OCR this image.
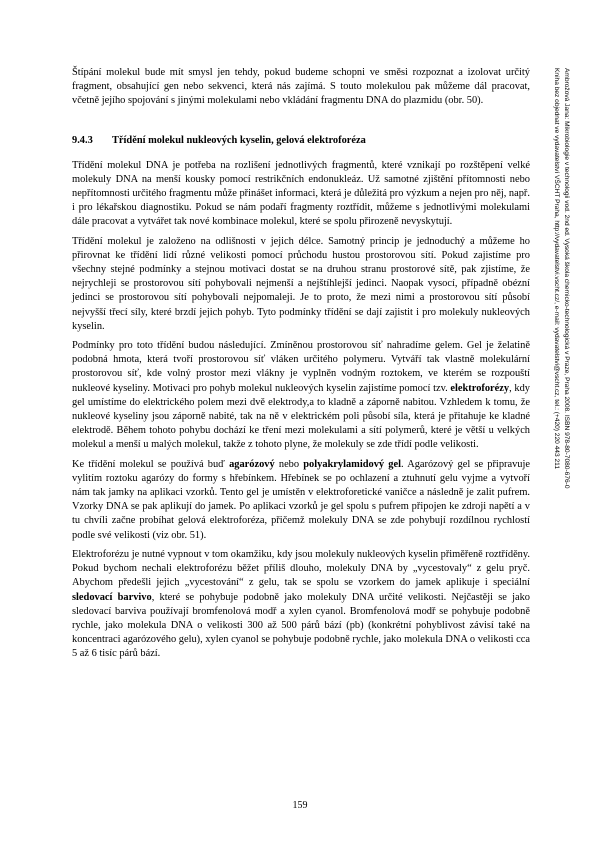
Štípání molekul bude mít smysl jen tehdy, pokud budeme schopni ve směsi rozpoznat a izolovat určitý fragment, obsahující gen nebo sekvenci, která nás zajímá. S touto molekulou pak můžeme dál pracovat, včetně jejího spojování s jinými molekulami nebo vkládání fragmentu DNA do plazmidu (obr. 50).

9.4.3 Třídění molekul nukleových kyselin, gelová elektroforéza

Třídění molekul DNA je potřeba na rozlišení jednotlivých fragmentů, které vznikají po rozštěpení velké molekuly DNA na menší kousky pomocí restrikčních endonukleáz. Už samotné zjištění přítomnosti nebo nepřítomnosti určitého fragmentu může přinášet informaci, která je důležitá pro výzkum a nejen pro něj, např. i pro lékařskou diagnostiku. Pokud se nám podaří fragmenty roztřídit, můžeme s jednotlivými molekulami dále pracovat a vytvářet tak nové kombinace molekul, které se spolu přirozeně nevyskytují.

Třídění molekul je založeno na odlišnosti v jejich délce. Samotný princip je jednoduchý a můžeme ho přirovnat ke třídění lidí různé velikosti pomocí průchodu hustou prostorovou sítí. Pokud zajistíme pro všechny stejné podmínky a stejnou motivaci dostat se na druhou stranu prostorové sítě, pak zjistíme, že nejrychleji se prostorovou sítí pohybovali nejmenší a nejštíhlejší jedinci. Naopak vysocí, případně obézní jedinci se prostorovou sítí pohybovali nejpomaleji. Je to proto, že mezi nimi a prostorovou sítí působí nejvyšší třecí síly, které brzdí jejich pohyb. Tyto podmínky třídění se dají zajistit i pro molekuly nukleových kyselin.

Podmínky pro toto třídění budou následující. Zmíněnou prostorovou síť nahradíme gelem. Gel je želatině podobná hmota, která tvoří prostorovou síť vláken určitého polymeru. Vytváří tak vlastně molekulární prostorovou síť, kde volný prostor mezi vlákny je vyplněn vodným roztokem, ve kterém se rozpouští nukleové kyseliny. Motivaci pro pohyb molekul nukleových kyselin zajistíme pomocí tzv. elektroforézy, kdy gel umístíme do elektrického polem mezi dvě elektrody,a to kladně a záporně nabitou. Vzhledem k tomu, že nukleové kyseliny jsou záporně nabité, tak na ně v elektrickém poli působí síla, která je přitahuje ke kladné elektrodě. Během tohoto pohybu dochází ke tření mezi molekulami a sítí polymerů, které je větší u velkých molekul a menší u malých molekul, takže z tohoto plyne, že molekuly se zde třídí podle velikosti.

Ke třídění molekul se používá buď agarózový nebo polyakrylamidový gel. Agarózový gel se připravuje vylitím roztoku agarózy do formy s hřebínkem. Hřebínek se po ochlazení a ztuhnutí gelu vyjme a vytvoří nám tak jamky na aplikaci vzorků. Tento gel je umístěn v elektroforetické vaničce a následně je zalit pufrem. Vzorky DNA se pak aplikují do jamek. Po aplikaci vzorků je gel spolu s pufrem připojen ke zdroji napětí a v tu chvíli začne probíhat gelová elektroforéza, přičemž molekuly DNA se zde pohybují rozdílnou rychlostí podle své velikosti (viz obr. 51).

Elektroforézu je nutné vypnout v tom okamžiku, kdy jsou molekuly nukleových kyselin přiměřeně roztříděny. Pokud bychom nechali elektroforézu běžet příliš dlouho, molekuly DNA by „vycestovaly“ z gelu pryč. Abychom předešli jejich „vycestování“ z gelu, tak se spolu se vzorkem do jamek aplikuje i speciální sledovací barvivo, které se pohybuje podobně jako molekuly DNA určité velikosti. Nejčastěji se jako sledovací barviva používají bromfenolová modř a xylen cyanol. Bromfenolová modř se pohybuje podobně rychle, jako molekula DNA o velikosti 300 až 500 párů bází (pb) (konkrétní pohyblivost závisí také na koncentraci agarózového gelu), xylen cyanol se pohybuje podobně rychle, jako molekula DNA o velikosti cca 5 až 6 tisíc párů bází.

Ambrožová Jana: Mikrobiologie v technologii vod. 2nd ed. Vysoká škola chemicko-technologická v Praze, Praha 2008. ISBN 978-80-7080-676-0
Kniha bez objednat ve vydavatelství VŠCHT Praha, http://vydavatelstvi.vscht.cz/, e-mail: vydavatelstvi@vscht.cz, tel.: (+420) 220 443 211
159
